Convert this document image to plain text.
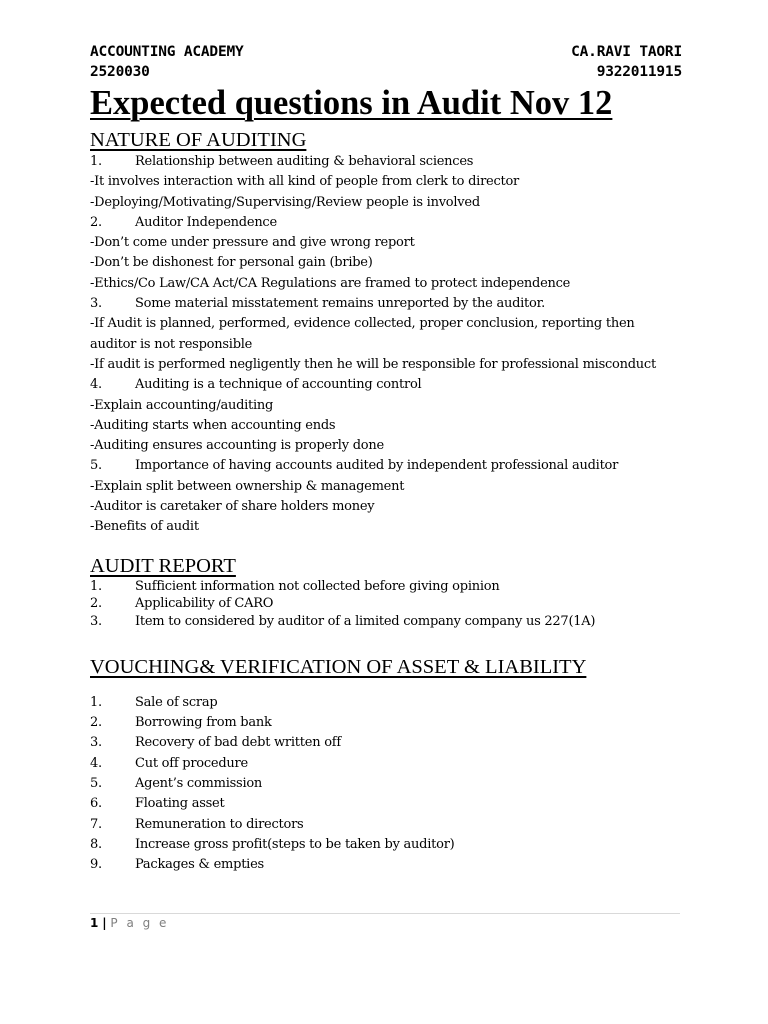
ACCOUNTING ACADEMY
2520030
CA.RAVI TAORI
9322011915
Expected questions in Audit Nov 12
NATURE OF AUDITING
1.	Relationship between auditing & behavioral sciences
-It involves interaction with all kind of people from clerk to director
-Deploying/Motivating/Supervising/Review people is involved
2.	Auditor Independence
-Don’t come under pressure and give wrong report
-Don’t be dishonest for personal gain (bribe)
-Ethics/Co Law/CA Act/CA Regulations are framed to protect independence
3.	Some material misstatement remains unreported by the auditor.
-If Audit is planned, performed, evidence collected, proper conclusion, reporting then
auditor is not responsible
-If audit is performed negligently then he will be responsible for professional misconduct
4.	Auditing is a technique of accounting control
-Explain accounting/auditing
-Auditing starts when accounting ends
-Auditing ensures accounting is properly done
5.	Importance of having accounts audited by independent professional auditor
-Explain split between ownership & management
-Auditor is caretaker of share holders money
-Benefits of audit
AUDIT REPORT
1.	Sufficient information not collected before giving opinion
2.	Applicability of CARO
3.	Item to considered by auditor of a limited company company us 227(1A)
VOUCHING& VERIFICATION OF ASSET & LIABILITY
1.	Sale of scrap
2.	Borrowing from bank
3.	Recovery of bad debt written off
4.	Cut off procedure
5.	Agent’s commission
6.	Floating asset
7.	Remuneration to directors
8.	Increase gross profit(steps to be taken by auditor)
9.	Packages & empties
1 | P a g e
